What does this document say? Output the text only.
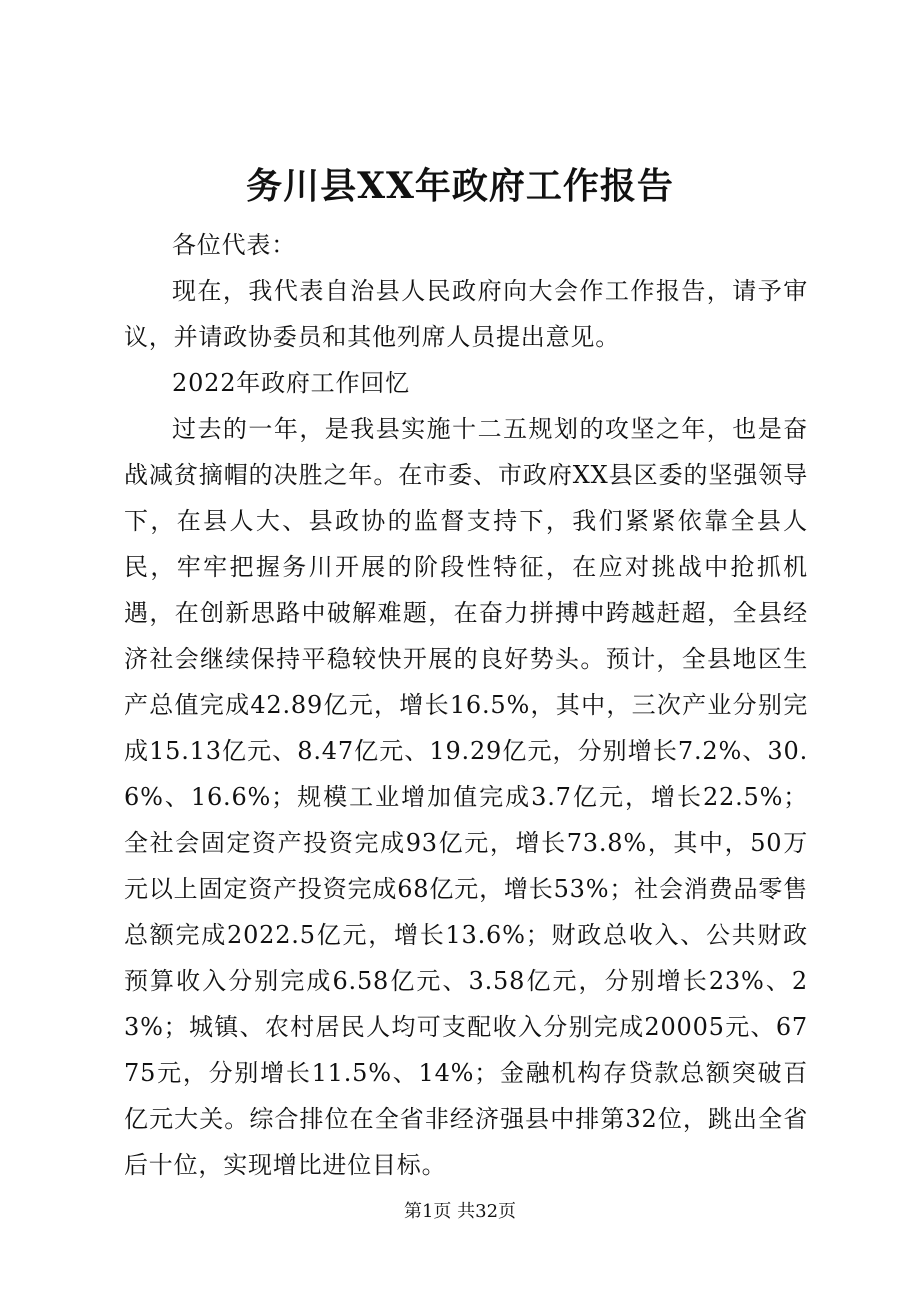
务川县XX年政府工作报告

各位代表：

现在，我代表自治县人民政府向大会作工作报告，请予审议，并请政协委员和其他列席人员提出意见。

2022年政府工作回忆

过去的一年，是我县实施十二五规划的攻坚之年，也是奋战减贫摘帽的决胜之年。在市委、市政府XX县区委的坚强领导下，在县人大、县政协的监督支持下，我们紧紧依靠全县人民，牢牢把握务川开展的阶段性特征，在应对挑战中抢抓机遇，在创新思路中破解难题，在奋力拼搏中跨越赶超，全县经济社会继续保持平稳较快开展的良好势头。预计，全县地区生产总值完成42.89亿元，增长16.5%，其中，三次产业分别完成15.13亿元、8.47亿元、19.29亿元，分别增长7.2%、30.6%、16.6%；规模工业增加值完成3.7亿元，增长22.5%；全社会固定资产投资完成93亿元，增长73.8%，其中，50万元以上固定资产投资完成68亿元，增长53%；社会消费品零售总额完成2022.5亿元，增长13.6%；财政总收入、公共财政预算收入分别完成6.58亿元、3.58亿元，分别增长23%、23%；城镇、农村居民人均可支配收入分别完成20005元、6775元，分别增长11.5%、14%；金融机构存贷款总额突破百亿元大关。综合排位在全省非经济强县中排第32位，跳出全省后十位，实现增比进位目标。

第1页 共32页
